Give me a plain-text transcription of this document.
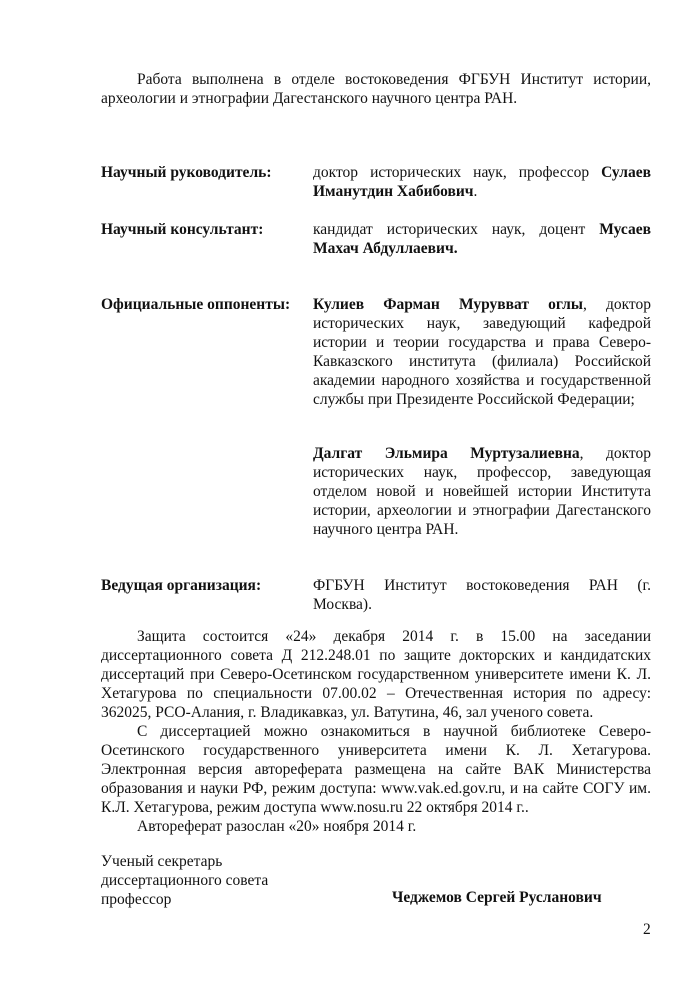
Работа выполнена в отделе востоковедения ФГБУН Институт истории, археологии и этнографии Дагестанского научного центра РАН.
Научный руководитель:	доктор исторических наук, профессор Сулаев Иманутдин Хабибович.
Научный консультант:	кандидат исторических наук, доцент Мусаев Махач Абдуллаевич.
Официальные оппоненты: Кулиев Фарман Мурувват оглы, доктор исторических наук, заведующий кафедрой истории и теории государства и права Северо-Кавказского института (филиала) Российской академии народного хозяйства и государственной службы при Президенте Российской Федерации;
Далгат Эльмира Муртузалиевна, доктор исторических наук, профессор, заведующая отделом новой и новейшей истории Института истории, археологии и этнографии Дагестанского научного центра РАН.
Ведущая организация:	ФГБУН Институт востоковедения РАН (г. Москва).

Защита состоится «24» декабря 2014 г. в 15.00 на заседании диссертационного совета Д 212.248.01 по защите докторских и кандидатских диссертаций при Северо-Осетинском государственном университете имени К. Л. Хетагурова по специальности 07.00.02 – Отечественная история по адресу: 362025, РСО-Алания, г. Владикавказ, ул. Ватутина, 46, зал ученого совета.

С диссертацией можно ознакомиться в научной библиотеке Северо-Осетинского государственного университета имени К. Л. Хетагурова. Электронная версия автореферата размещена на сайте ВАК Министерства образования и науки РФ, режим доступа: www.vak.ed.gov.ru, и на сайте СОГУ им. К.Л. Хетагурова, режим доступа www.nosu.ru 22 октября 2014 г..

Автореферат разослан «20» ноября 2014 г.

Ученый секретарь
диссертационного совета
профессор	Чеджемов Сергей Русланович
2
